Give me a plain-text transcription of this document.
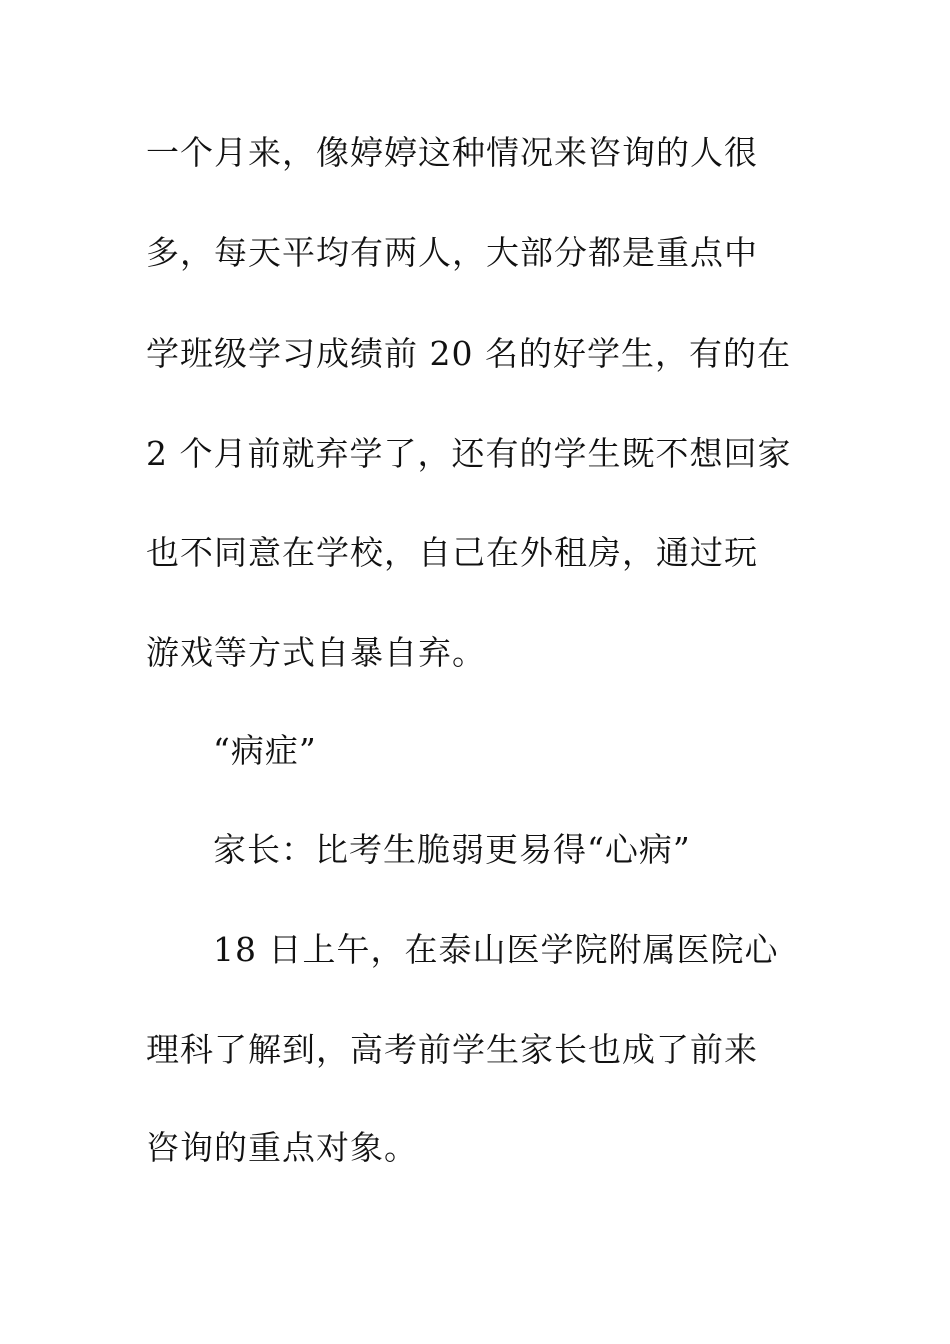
一个月来，像婷婷这种情况来咨询的人很
多，每天平均有两人，大部分都是重点中
学班级学习成绩前 20 名的好学生，有的在
2 个月前就弃学了，还有的学生既不想回家
也不同意在学校，自己在外租房，通过玩
游戏等方式自暴自弃。
“病症”
家长：比考生脆弱更易得“心病”
18 日上午，在泰山医学院附属医院心
理科了解到，高考前学生家长也成了前来
咨询的重点对象。
